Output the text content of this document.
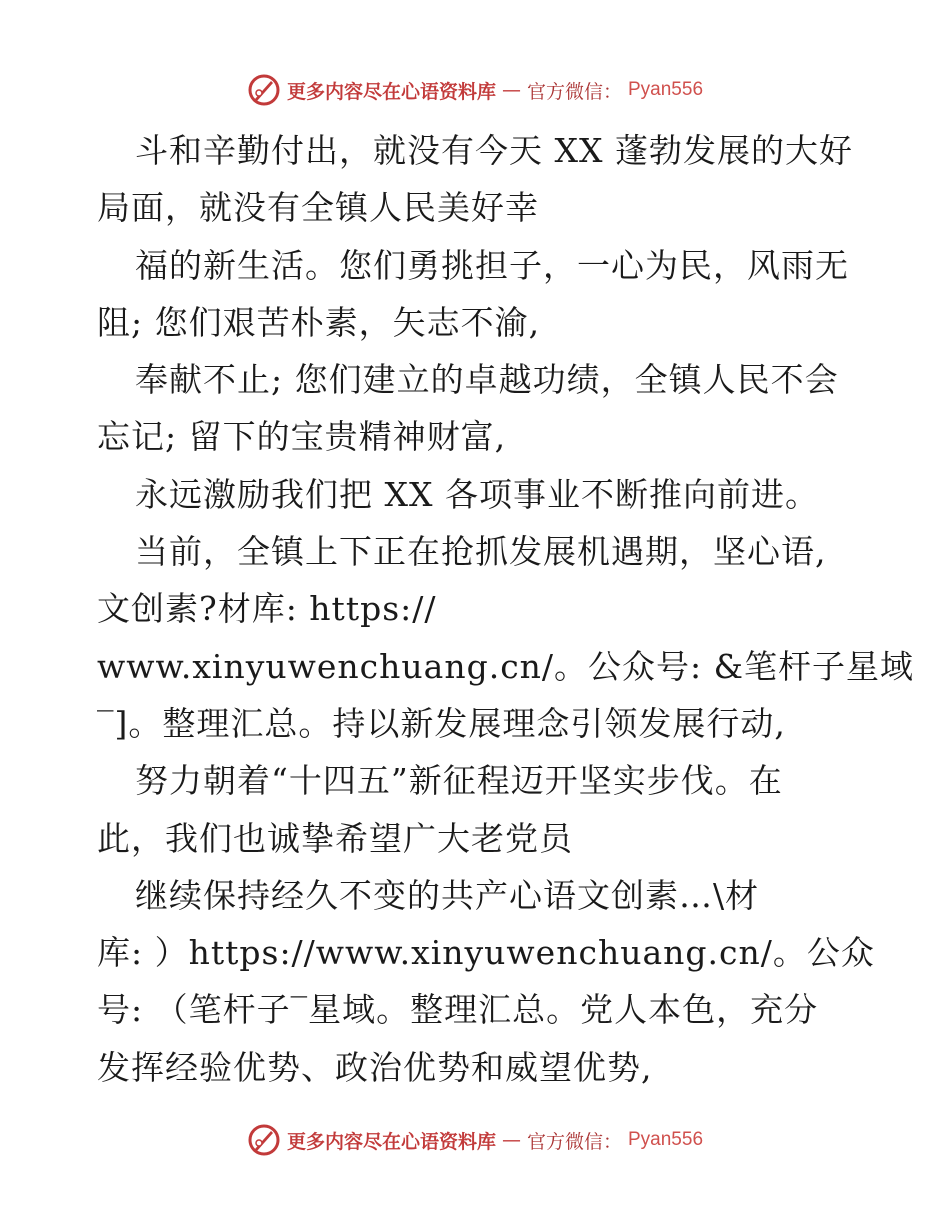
更多内容尽在心语资料库 — 官方微信： Pyan556
斗和辛勤付出，就没有今天 XX 蓬勃发展的大好
局面，就没有全镇人民美好幸
福的新生活。您们勇挑担子，一心为民，风雨无
阻; 您们艰苦朴素，矢志不渝,
奉献不止; 您们建立的卓越功绩，全镇人民不会
忘记; 留下的宝贵精神财富,
永远激励我们把 XX 各项事业不断推向前进。
当前，全镇上下正在抢抓发展机遇期，坚心语,
文创素?材库: https://
www.xinyuwenchuang.cn/。公众号: &笔杆子星域
‾]。整理汇总。持以新发展理念引领发展行动,
努力朝着“十四五”新征程迈开坚实步伐。在
此，我们也诚挚希望广大老党员
继续保持经久不变的共产心语文创素…\材
库: ）https://www.xinyuwenchuang.cn/。公众
号: （笔杆子‾星域。整理汇总。党人本色，充分
发挥经验优势、政治优势和威望优势,
更多内容尽在心语资料库 — 官方微信： Pyan556
